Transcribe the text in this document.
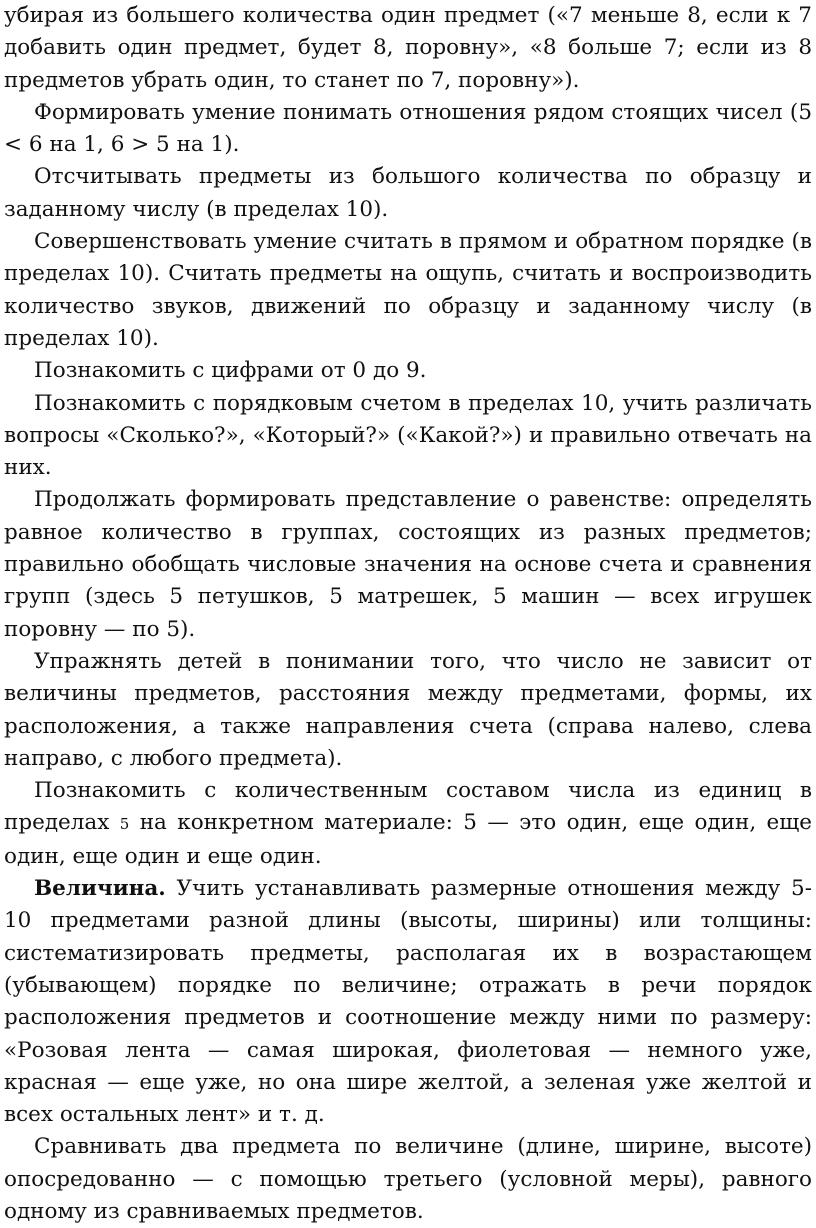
убирая из большего количества один предмет («7 меньше 8, если к 7 добавить один предмет, будет 8, поровну», «8 больше 7; если из 8 предметов убрать один, то станет по 7, поровну»).

Формировать умение понимать отношения рядом стоящих чисел (5 < 6 на 1, 6 > 5 на 1).

Отсчитывать предметы из большого количества по образцу и заданному числу (в пределах 10).

Совершенствовать умение считать в прямом и обратном порядке (в пределах 10). Считать предметы на ощупь, считать и воспроизводить количество звуков, движений по образцу и заданному числу (в пределах 10).

Познакомить с цифрами от 0 до 9.

Познакомить с порядковым счетом в пределах 10, учить различать вопросы «Сколько?», «Который?» («Какой?») и правильно отвечать на них.

Продолжать формировать представление о равенстве: определять равное количество в группах, состоящих из разных предметов; правильно обобщать числовые значения на основе счета и сравнения групп (здесь 5 петушков, 5 матрешек, 5 машин — всех игрушек поровну — по 5).

Упражнять детей в понимании того, что число не зависит от величины предметов, расстояния между предметами, формы, их расположения, а также направления счета (справа налево, слева направо, с любого предмета).

Познакомить с количественным составом числа из единиц в пределах 5 на конкретном материале: 5 — это один, еще один, еще один, еще один и еще один.

Величина. Учить устанавливать размерные отношения между 5-10 предметами разной длины (высоты, ширины) или толщины: систематизировать предметы, располагая их в возрастающем (убывающем) порядке по величине; отражать в речи порядок расположения предметов и соотношение между ними по размеру: «Розовая лента — самая широкая, фиолетовая — немного уже, красная — еще уже, но она шире желтой, а зеленая уже желтой и всех остальных лент» и т. д.

Сравнивать два предмета по величине (длине, ширине, высоте) опосредованно — с помощью третьего (условной меры), равного одному из сравниваемых предметов.
